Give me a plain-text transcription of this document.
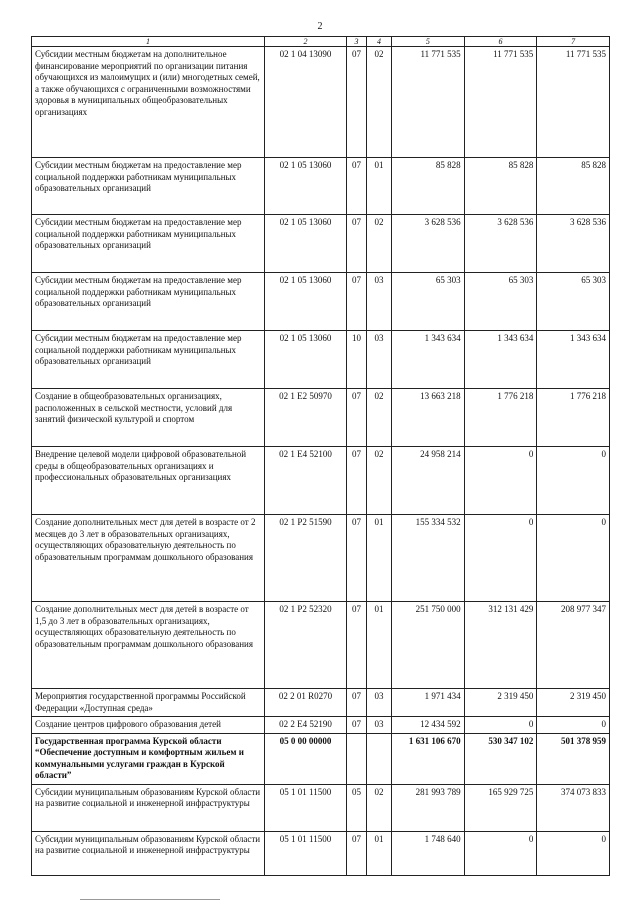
2
1	2	3	4	5	6	7
Субсидии местным бюджетам на дополнительное финансирование мероприятий по организации питания обучающихся из малоимущих и (или) многодетных семей, а также обучающихся с ограниченными возможностями здоровья в муниципальных общеобразовательных организациях	02 1 04 13090	07	02	11 771 535	11 771 535	11 771 535
Субсидии местным бюджетам на предоставление мер социальной поддержки работникам муниципальных образовательных организаций	02 1 05 13060	07	01	85 828	85 828	85 828
Субсидии местным бюджетам на предоставление мер социальной поддержки работникам муниципальных образовательных организаций	02 1 05 13060	07	02	3 628 536	3 628 536	3 628 536
Субсидии местным бюджетам на предоставление мер социальной поддержки работникам муниципальных образовательных организаций	02 1 05 13060	07	03	65 303	65 303	65 303
Субсидии местным бюджетам на предоставление мер социальной поддержки работникам муниципальных образовательных организаций	02 1 05 13060	10	03	1 343 634	1 343 634	1 343 634
Создание в общеобразовательных организациях, расположенных в сельской местности, условий для занятий физической культурой и спортом	02 1 E2 50970	07	02	13 663 218	1 776 218	1 776 218
Внедрение целевой модели цифровой образовательной среды в общеобразовательных организациях и профессиональных образовательных организациях	02 1 E4 52100	07	02	24 958 214	0	0
Создание дополнительных мест для детей в возрасте от 2 месяцев до 3 лет в образовательных организациях, осуществляющих образовательную деятельность по образовательным программам дошкольного образования	02 1 P2 51590	07	01	155 334 532	0	0
Создание дополнительных мест для детей в возрасте от 1,5 до 3 лет в образовательных организациях, осуществляющих образовательную деятельность по образовательным программам дошкольного образования	02 1 P2 52320	07	01	251 750 000	312 131 429	208 977 347
Мероприятия государственной программы Российской Федерации «Доступная среда»	02 2 01 R0270	07	03	1 971 434	2 319 450	2 319 450
Создание центров цифрового образования детей	02 2 E4 52190	07	03	12 434 592	0	0
Государственная программа Курской области “Обеспечение доступным и комфортным жильем и коммунальными услугами граждан в Курской области”	05 0 00 00000			1 631 106 670	530 347 102	501 378 959
Субсидии муниципальным образованиям Курской области на развитие социальной и инженерной инфраструктуры	05 1 01 11500	05	02	281 993 789	165 929 725	374 073 833
Субсидии муниципальным образованиям Курской области на развитие социальной и инженерной инфраструктуры	05 1 01 11500	07	01	1 748 640	0	0
